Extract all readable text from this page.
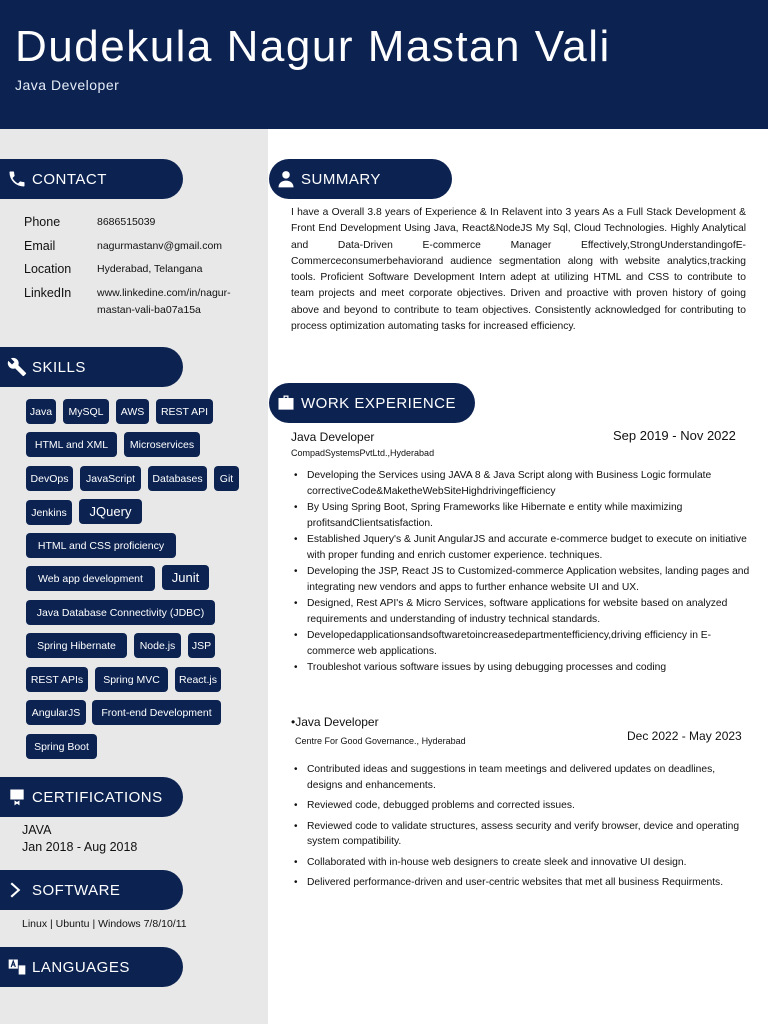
Dudekula Nagur Mastan Vali
Java Developer
CONTACT
Phone	8686515039
Email	nagurmastanv@gmail.com
Location Hyderabad, Telangana
LinkedIn www.linkedine.com/in/nagur-
mastan-vali-ba07a15a
SKILLS
Java	MySQL	AWS	REST API
HTML and XML	Microservices
DevOps	JavaScript	Databases	Git
Jenkins	JQuery
HTML and CSS proficiency
Web app development	Junit
Java Database Connectivity (JDBC)
Spring Hibernate	Node.js	JSP
REST APIs	Spring MVC	React.js
AngularJS	Front-end Development
Spring Boot
CERTIFICATIONS
JAVA
Jan 2018 - Aug 2018
SOFTWARE
Linux | Ubuntu | Windows 7/8/10/11
LANGUAGES
SUMMARY
I have a Overall 3.8 years of Experience & In Relavent into 3 years As a Full Stack Development & Front End Development Using Java, React&NodeJS My Sql, Cloud Technologies. Highly Analytical and Data-Driven E-commerce Manager Effectively,StrongUnderstandingofE-Commerceconsumerbehaviorand audience segmentation along with website analytics,tracking tools. Proficient Software Development Intern adept at utilizing HTML and CSS to contribute to team projects and meet corporate objectives. Driven and proactive with proven history of going above and beyond to contribute to team objectives. Consistently acknowledged for contributing to process optimization automating tasks for increased efficiency.
WORK EXPERIENCE
Java Developer
CompadSystemsPvtLtd.,Hyderabad
Sep 2019 - Nov 2022
• Developing the Services using JAVA 8 & Java Script along with Business Logic formulate correctiveCode&MaketheWebSiteHighdrivingefficiency
• By Using Spring Boot, Spring Frameworks like Hibernate e entity while maximizing profitsandClientsatisfaction.
• Established Jquery's & Junit AngularJS and accurate e-commerce budget to execute on initiative with proper funding and enrich customer experience. techniques.
• Developing the JSP, React JS to Customized-commerce Application websites, landing pages and integrating new vendors and apps to further enhance website UI and UX.
• Designed, Rest API's & Micro Services, software applications for website based on analyzed requirements and understanding of industry technical standards.
• Developedapplicationsandsoftwaretoincreasedepartmentefficiency,driving efficiency in E-commerce web applications.
• Troubleshot various software issues by using debugging processes and coding
•Java Developer
Centre For Good Governance., Hyderabad	Dec 2022 - May 2023
• Contributed ideas and suggestions in team meetings and delivered updates on deadlines, designs and enhancements.
• Reviewed code, debugged problems and corrected issues.
• Reviewed code to validate structures, assess security and verify browser, device and operating system compatibility.
• Collaborated with in-house web designers to create sleek and innovative UI design.
• Delivered performance-driven and user-centric websites that met all business Requirments.
